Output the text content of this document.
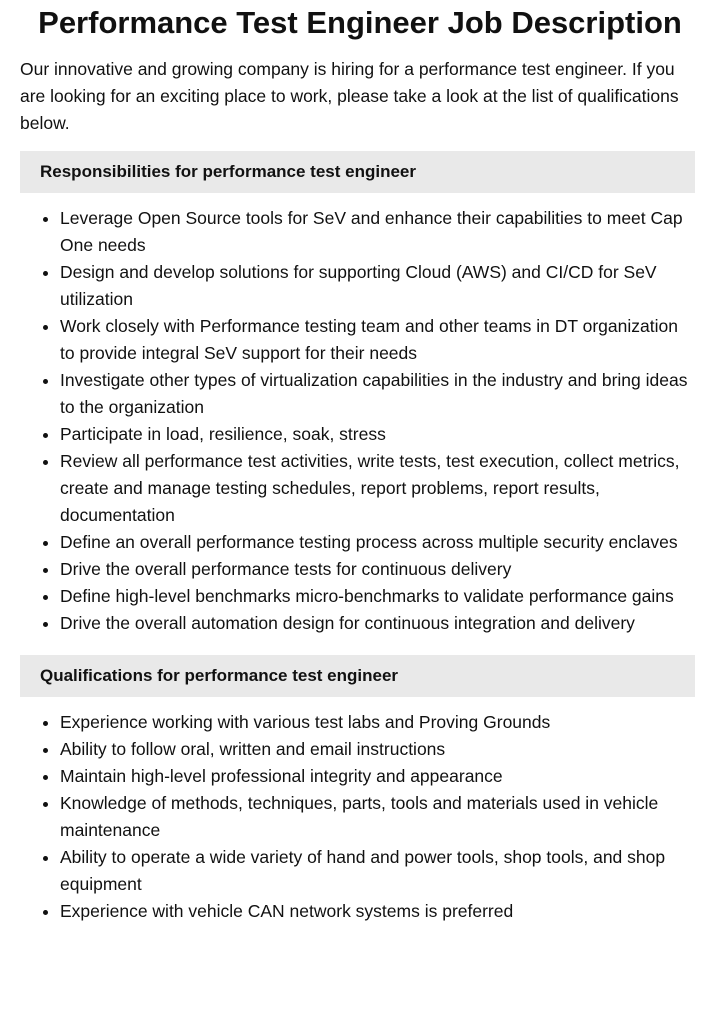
Performance Test Engineer Job Description

Our innovative and growing company is hiring for a performance test engineer. If you are looking for an exciting place to work, please take a look at the list of qualifications below.

Responsibilities for performance test engineer
• Leverage Open Source tools for SeV and enhance their capabilities to meet Cap One needs
• Design and develop solutions for supporting Cloud (AWS) and CI/CD for SeV utilization
• Work closely with Performance testing team and other teams in DT organization to provide integral SeV support for their needs
• Investigate other types of virtualization capabilities in the industry and bring ideas to the organization
• Participate in load, resilience, soak, stress
• Review all performance test activities, write tests, test execution, collect metrics, create and manage testing schedules, report problems, report results, documentation
• Define an overall performance testing process across multiple security enclaves
• Drive the overall performance tests for continuous delivery
• Define high-level benchmarks micro-benchmarks to validate performance gains
• Drive the overall automation design for continuous integration and delivery
Qualifications for performance test engineer
• Experience working with various test labs and Proving Grounds
• Ability to follow oral, written and email instructions
• Maintain high-level professional integrity and appearance
• Knowledge of methods, techniques, parts, tools and materials used in vehicle maintenance
• Ability to operate a wide variety of hand and power tools, shop tools, and shop equipment
• Experience with vehicle CAN network systems is preferred
